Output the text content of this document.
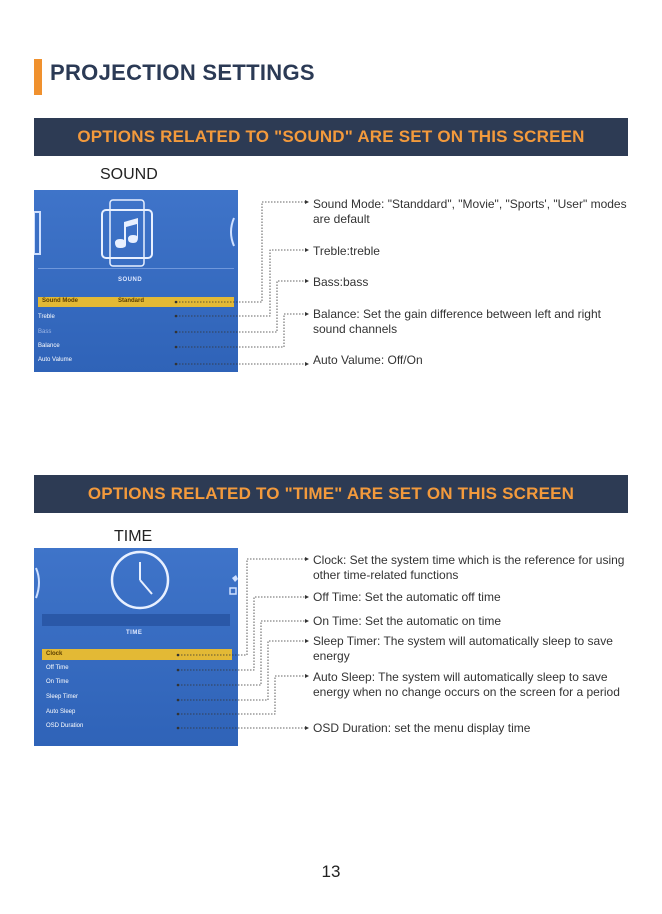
PROJECTION SETTINGS
OPTIONS RELATED TO "SOUND" ARE SET ON THIS SCREEN
SOUND
SOUND
Sound Mode	Standard
Treble
Bass
Balance
Auto Valume
Sound Mode: "Standdard", "Movie", "Sports', "User" modes are default
Treble:treble
Bass:bass
Balance: Set the gain difference between left and right sound channels
Auto Valume: Off/On
OPTIONS RELATED TO "TIME" ARE SET ON THIS SCREEN
TIME
TIME
Clock
Off Time
On Time
Sleep Timer
Auto Sleep
OSD Duration
Clock: Set the system time which is the reference for using other time-related functions
Off Time: Set the automatic off time
On Time: Set the automatic on time
Sleep Timer: The system will automatically sleep to save energy
Auto Sleep: The system will automatically sleep to save energy when no change occurs on the screen for a period
OSD Duration: set the menu display time
13
